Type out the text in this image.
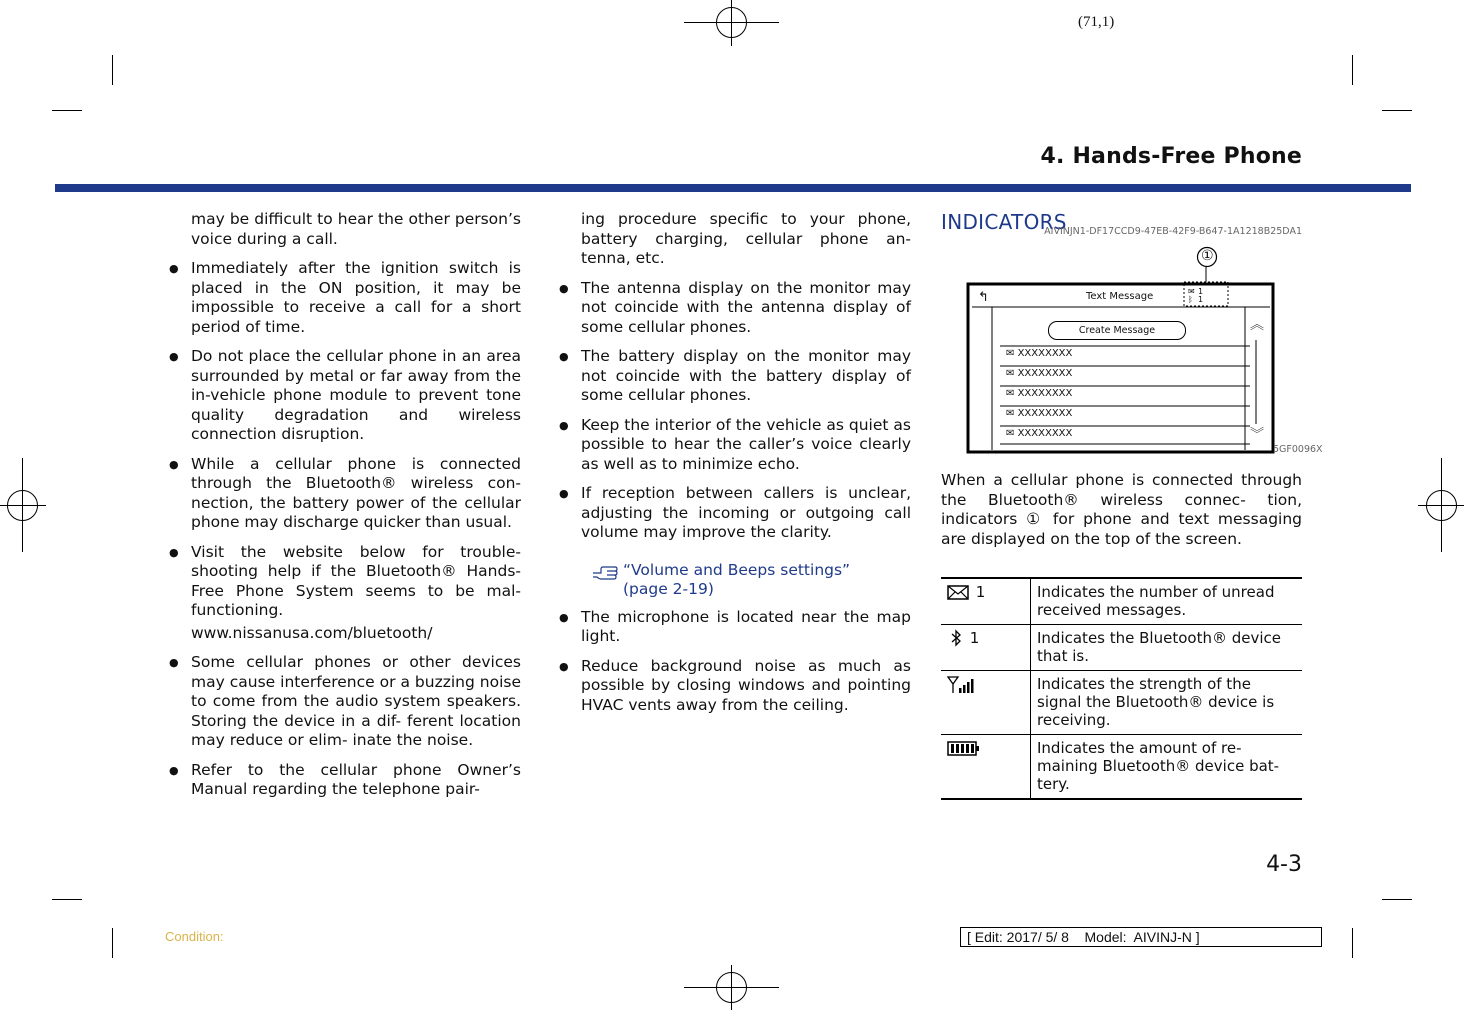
(71,1)
4. Hands-Free Phone

may be difficult to hear the other person’s voice during a call.

● Immediately after the ignition switch is placed in the ON position, it may be impossible to receive a call for a short period of time.
● Do not place the cellular phone in an area surrounded by metal or far away from the in-vehicle phone module to prevent tone quality degradation and wireless connection disruption.
● While a cellular phone is connected through the Bluetooth® wireless con- nection, the battery power of the cellular phone may discharge quicker than usual.
● Visit the website below for trouble- shooting help if the Bluetooth® Hands- Free Phone System seems to be mal- functioning.

www.nissanusa.com/bluetooth/

● Some cellular phones or other devices may cause interference or a buzzing noise to come from the audio system speakers. Storing the device in a dif- ferent location may reduce or elim- inate the noise.
● Refer to the cellular phone Owner’s Manual regarding the telephone pair-

ing procedure specific to your phone, battery charging, cellular phone an- tenna, etc.

● The antenna display on the monitor may not coincide with the antenna display of some cellular phones.
● The battery display on the monitor may not coincide with the battery display of some cellular phones.
● Keep the interior of the vehicle as quiet as possible to hear the caller’s voice clearly as well as to minimize echo.
● If reception between callers is unclear, adjusting the incoming or outgoing call volume may improve the clarity.
“Volume and Beeps settings”
(page 2-19)
● The microphone is located near the map light.
● Reduce background noise as much as possible by closing windows and pointing HVAC vents away from the ceiling.
INDICATORS
AIVINJN1-DF17CCD9-47EB-42F9-B647-1A1218B25DA1
①
↰	Text Message	✉ 1
ᛒ 1
Create Message	︽
︾
✉ XXXXXXXX
✉ XXXXXXXX
✉ XXXXXXXX
✉ XXXXXXXX
✉ XXXXXXXX
5GF0096X

When a cellular phone is connected through the Bluetooth® wireless connec- tion, indicators ① for phone and text messaging are displayed on the top of the screen.

1	Indicates the number of unread received messages.
1	Indicates the Bluetooth® device that is.
	Indicates the strength of the signal the Bluetooth® device is receiving.
	Indicates the amount of re- maining Bluetooth® device bat- tery.
4-3
Condition:	[ Edit: 2017/ 5/ 8    Model:  AIVINJ-N ]
